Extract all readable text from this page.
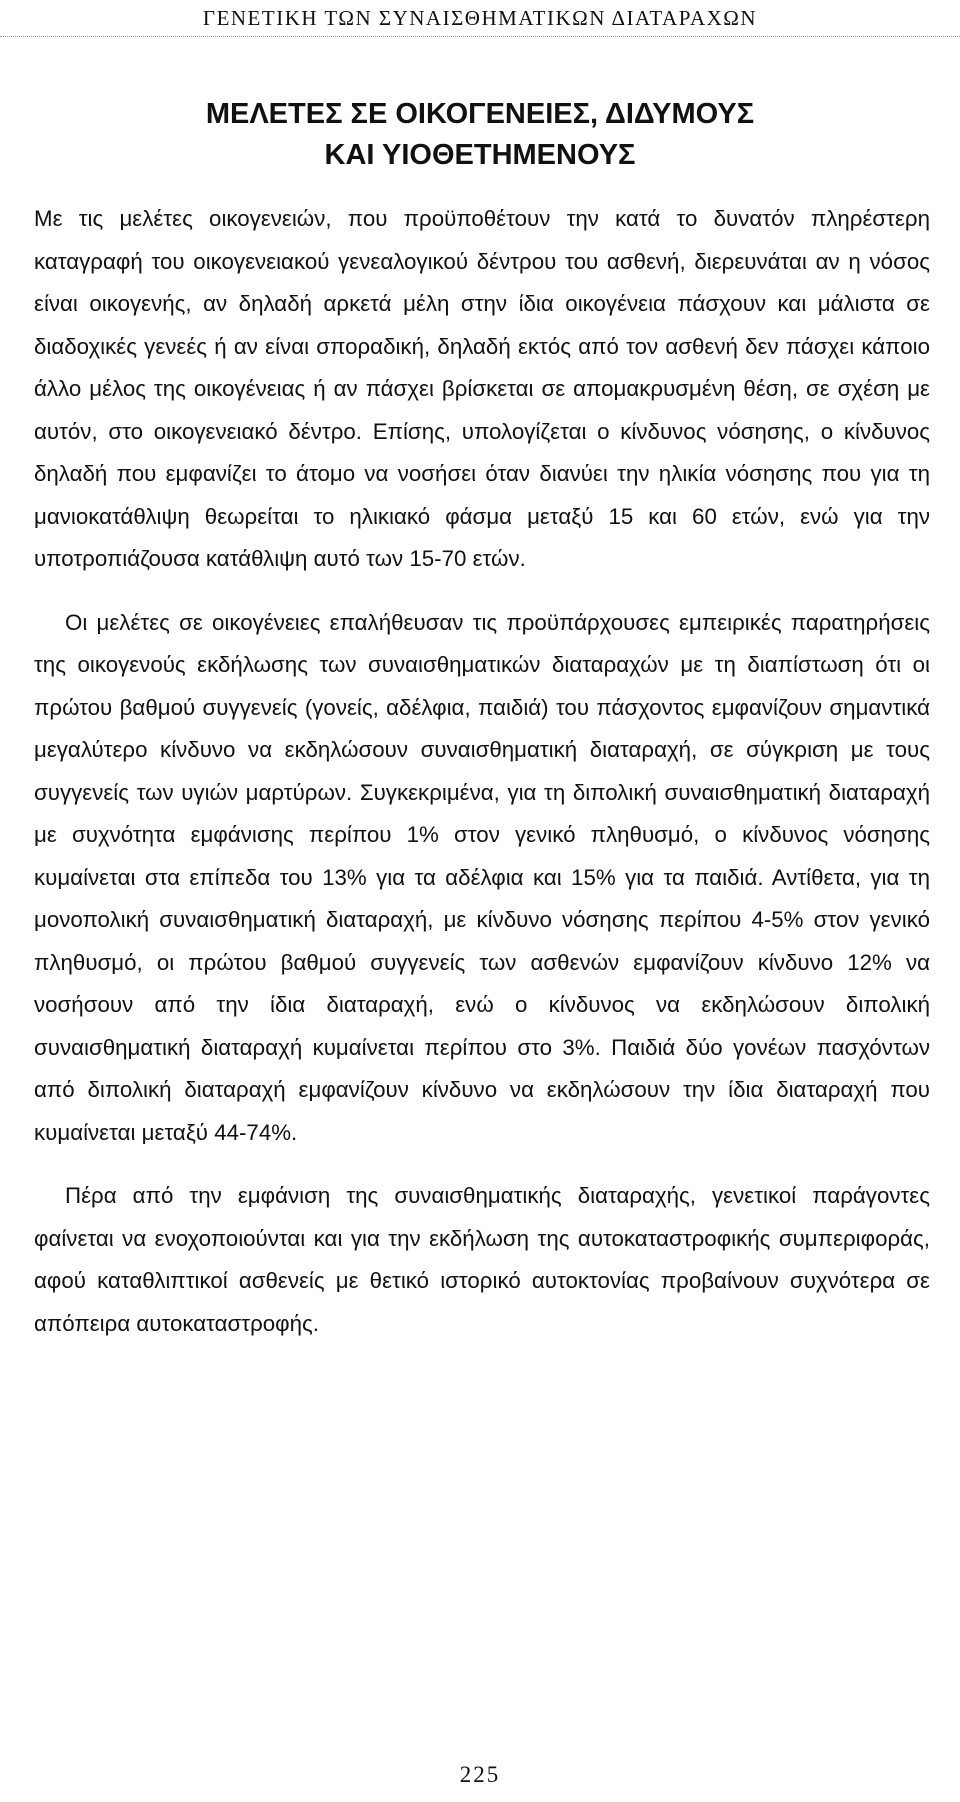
ΓΕΝΕΤΙΚΗ ΤΩΝ ΣΥΝΑΙΣΘΗΜΑΤΙΚΩΝ ΔΙΑΤΑΡΑΧΩΝ
ΜΕΛΕΤΕΣ ΣΕ ΟΙΚΟΓΕΝΕΙΕΣ, ΔΙΔΥΜΟΥΣ
ΚΑΙ ΥΙΟΘΕΤΗΜΕΝΟΥΣ

Με τις μελέτες οικογενειών, που προϋποθέτουν την κατά το δυνατόν πληρέστερη καταγραφή του οικογενειακού γενεαλογικού δέντρου του ασθενή, διερευνάται αν η νόσος είναι οικογενής, αν δηλαδή αρκετά μέλη στην ίδια οικογένεια πάσχουν και μάλιστα σε διαδοχικές γενεές ή αν είναι σποραδική, δηλαδή εκτός από τον ασθενή δεν πάσχει κάποιο άλλο μέλος της οικογένειας ή αν πάσχει βρίσκεται σε απομακρυσμένη θέση, σε σχέση με αυτόν, στο οικογενειακό δέντρο. Επίσης, υπολογίζεται ο κίνδυνος νόσησης, ο κίνδυνος δηλαδή που εμφανίζει το άτομο να νοσήσει όταν διανύει την ηλικία νόσησης που για τη μανιοκατάθλιψη θεωρείται το ηλικιακό φάσμα μεταξύ 15 και 60 ετών, ενώ για την υποτροπιάζουσα κατάθλιψη αυτό των 15-70 ετών.

Οι μελέτες σε οικογένειες επαλήθευσαν τις προϋπάρχουσες εμπειρικές παρατηρήσεις της οικογενούς εκδήλωσης των συναισθηματικών διαταραχών με τη διαπίστωση ότι οι πρώτου βαθμού συγγενείς (γονείς, αδέλφια, παιδιά) του πάσχοντος εμφανίζουν σημαντικά μεγαλύτερο κίνδυνο να εκδηλώσουν συναισθηματική διαταραχή, σε σύγκριση με τους συγγενείς των υγιών μαρτύρων. Συγκεκριμένα, για τη διπολική συναισθηματική διαταραχή με συχνότητα εμφάνισης περίπου 1% στον γενικό πληθυσμό, ο κίνδυνος νόσησης κυμαίνεται στα επίπεδα του 13% για τα αδέλφια και 15% για τα παιδιά. Αντίθετα, για τη μονοπολική συναισθηματική διαταραχή, με κίνδυνο νόσησης περίπου 4-5% στον γενικό πληθυσμό, οι πρώτου βαθμού συγγενείς των ασθενών εμφανίζουν κίνδυνο 12% να νοσήσουν από την ίδια διαταραχή, ενώ ο κίνδυνος να εκδηλώσουν διπολική συναισθηματική διαταραχή κυμαίνεται περίπου στο 3%. Παιδιά δύο γονέων πασχόντων από διπολική διαταραχή εμφανίζουν κίνδυνο να εκδηλώσουν την ίδια διαταραχή που κυμαίνεται μεταξύ 44-74%.

Πέρα από την εμφάνιση της συναισθηματικής διαταραχής, γενετικοί παράγοντες φαίνεται να ενοχοποιούνται και για την εκδήλωση της αυτοκαταστροφικής συμπεριφοράς, αφού καταθλιπτικοί ασθενείς με θετικό ιστορικό αυτοκτονίας προβαίνουν συχνότερα σε απόπειρα αυτοκαταστροφής.

225
